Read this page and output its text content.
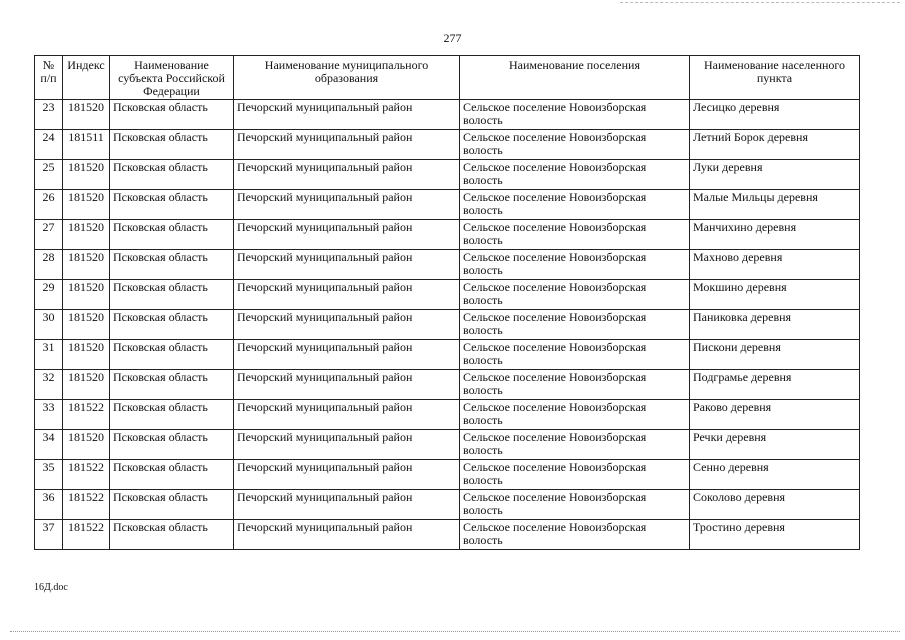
277
№ п/п	Индекс	Наименование субъекта Российской Федерации	Наименование муниципального образования	Наименование поселения	Наименование населенного пункта
23	181520	Псковская область	Печорский муниципальный район	Сельское поселение Новоизборская волость	Лесицко деревня
24	181511	Псковская область	Печорский муниципальный район	Сельское поселение Новоизборская волость	Летний Борок деревня
25	181520	Псковская область	Печорский муниципальный район	Сельское поселение Новоизборская волость	Луки деревня
26	181520	Псковская область	Печорский муниципальный район	Сельское поселение Новоизборская волость	Малые Мильцы деревня
27	181520	Псковская область	Печорский муниципальный район	Сельское поселение Новоизборская волость	Манчихино деревня
28	181520	Псковская область	Печорский муниципальный район	Сельское поселение Новоизборская волость	Махново деревня
29	181520	Псковская область	Печорский муниципальный район	Сельское поселение Новоизборская волость	Мокшино деревня
30	181520	Псковская область	Печорский муниципальный район	Сельское поселение Новоизборская волость	Паниковка деревня
31	181520	Псковская область	Печорский муниципальный район	Сельское поселение Новоизборская волость	Пискони деревня
32	181520	Псковская область	Печорский муниципальный район	Сельское поселение Новоизборская волость	Подграмье деревня
33	181522	Псковская область	Печорский муниципальный район	Сельское поселение Новоизборская волость	Раково деревня
34	181520	Псковская область	Печорский муниципальный район	Сельское поселение Новоизборская волость	Речки деревня
35	181522	Псковская область	Печорский муниципальный район	Сельское поселение Новоизборская волость	Сенно деревня
36	181522	Псковская область	Печорский муниципальный район	Сельское поселение Новоизборская волость	Соколово деревня
37	181522	Псковская область	Печорский муниципальный район	Сельское поселение Новоизборская волость	Тростино деревня
16Д.doc
